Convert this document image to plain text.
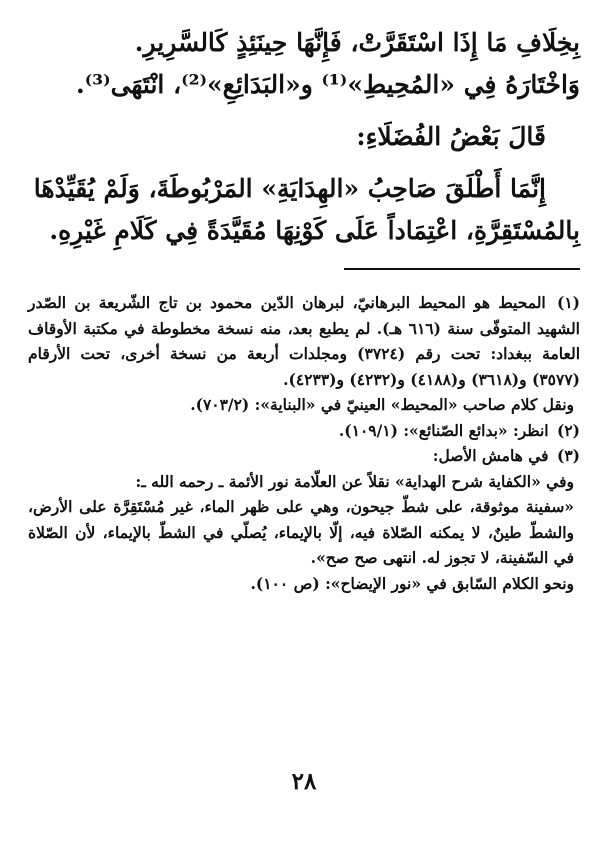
بِخِلَافِ مَا إِذَا اسْتَقَرَّتْ، فَإِنَّهَا حِينَئِذٍ كَالسَّرِيرِ.

وَاخْتَارَهُ فِي «المُحِيطِ»⁽¹⁾ و«البَدَائِعِ»⁽²⁾، انْتَهَى⁽³⁾.

قَالَ بَعْضُ الفُضَلَاءِ:

إِنَّمَا أَطْلَقَ صَاحِبُ «الهِدَايَةِ» المَرْبُوطَةَ، وَلَمْ يُقَيِّدْهَا

بِالمُسْتَقِرَّةِ، اعْتِمَاداً عَلَى كَوْنِهَا مُقَيَّدَةً فِي كَلَامِ غَيْرِهِ.

(١) المحيط هو المحيط البرهانيّ، لبرهان الدّين محمود بن تاج الشّريعة بن الصّدر الشهيد المتوفّى سنة (٦١٦ هـ). لم يطبع بعد، منه نسخة مخطوطة في مكتبة الأوقاف العامة ببغداد: تحت رقم (٣٧٢٤) ومجلدات أربعة من نسخة أخرى، تحت الأرقام (٣٥٧٧) و(٣٦١٨) و(٤١٨٨) و(٤٢٣٢) و(٤٢٣٣).

ونقل كلام صاحب «المحيط» العينيّ في «البناية»: (٧٠٣/٢).

(٢) انظر: «بدائع الصّنائع»: (١٠٩/١).

(٣) في هامش الأصل:

وفي «الكفاية شرح الهداية» نقلاً عن العلّامة نور الأئمة ـ رحمه الله ـ:

«سفينة موثوقة، على شطّ جيحون، وهي على ظهر الماء، غير مُسْتَقِرَّة على الأرض، والشطّ طينٌ، لا يمكنه الصّلاة فيه، إلّا بالإيماء، يُصلّي في الشطّ بالإيماء، لأن الصّلاة في السّفينة، لا تجوز له. انتهى صح صح».

ونحو الكلام السّابق في «نور الإيضاح»: (ص ١٠٠).

٢٨
